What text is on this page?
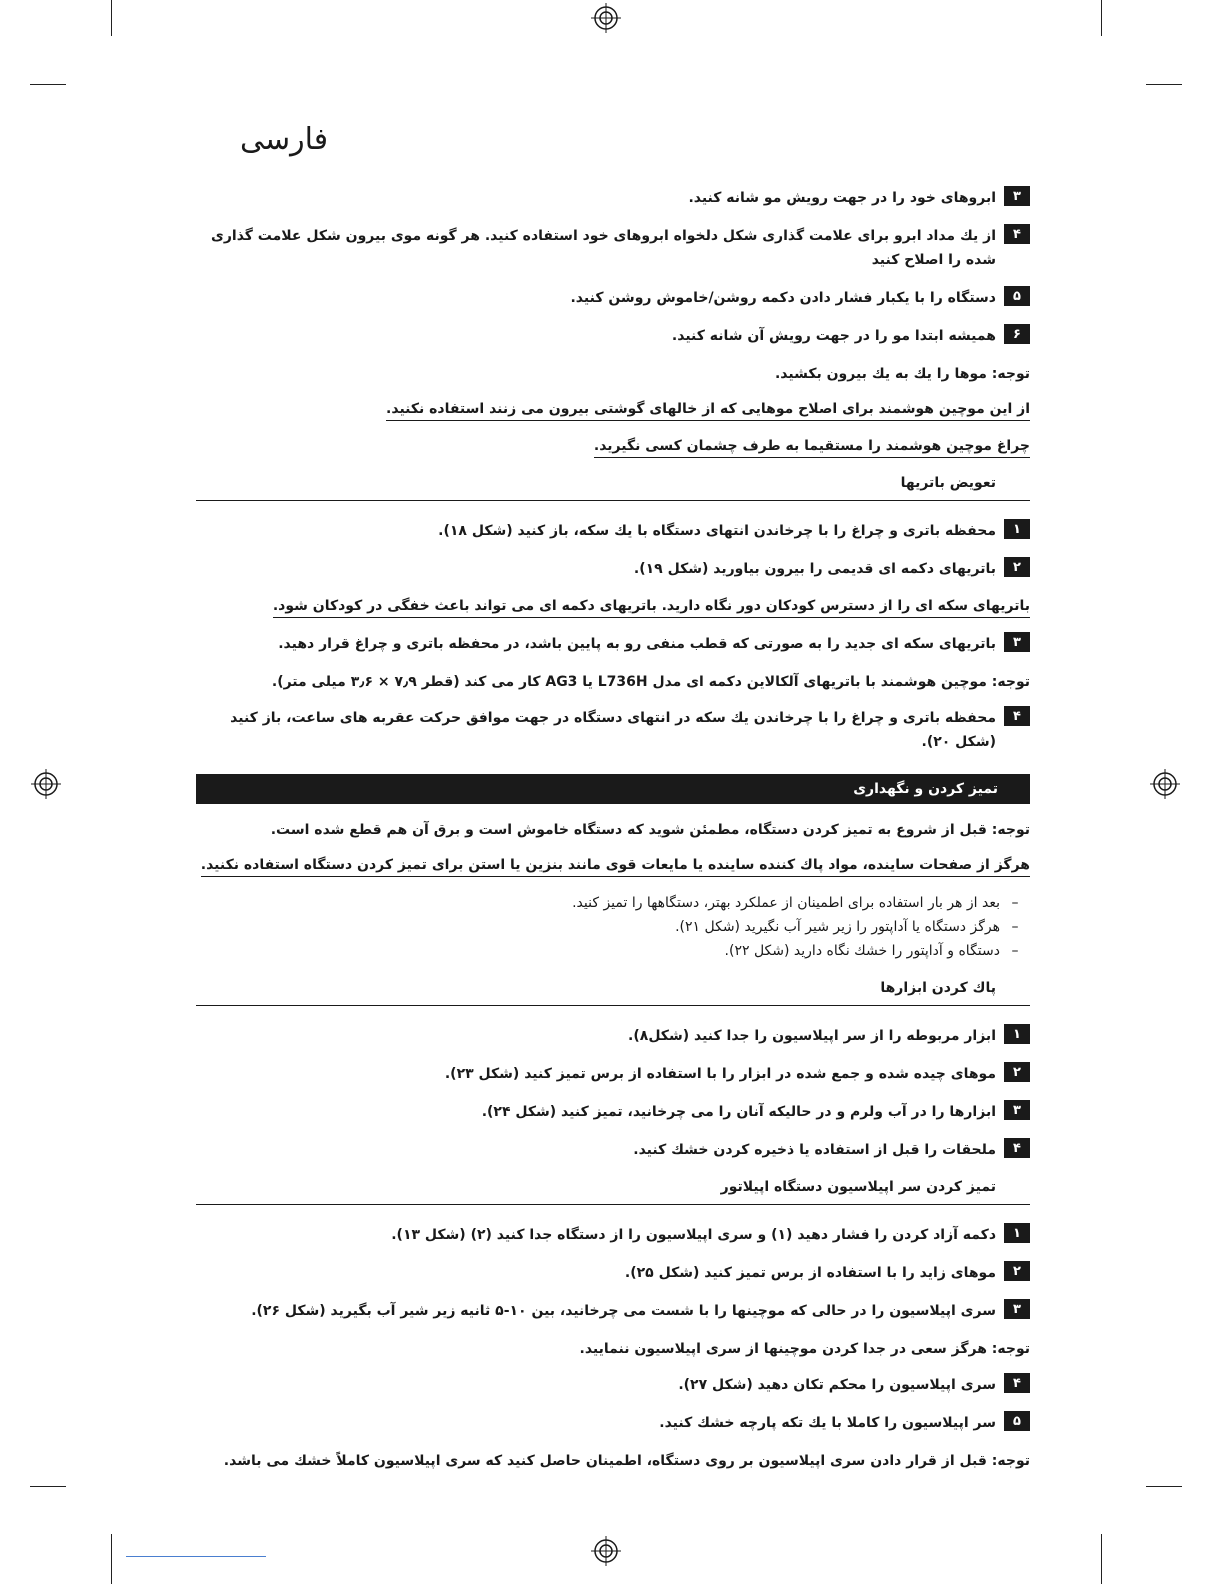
فارسی
۳
ابروهای خود را در جهت رویش مو شانه کنید.
۴
از یك مداد ابرو برای علامت گذاری شكل دلخواه ابروهای خود استفاده كنید. هر گونه موی بیرون شكل علامت گذاری شده را اصلاح كنید
۵
دستگاه را با یكبار فشار دادن دكمه روشن/خاموش روشن كنید.
۶
همیشه ابتدا مو را در جهت رویش آن شانه كنید.
توجه: موها را یك به یك بیرون بكشید.
از این موچین هوشمند برای اصلاح موهایی كه از خالهای گوشتی بیرون می زنند استفاده نكنید.
چراغ موچین هوشمند را مستقیما به طرف چشمان كسی نگیرید.
تعویض باتریها
۱
محفظه باتری و چراغ را با چرخاندن انتهای دستگاه با یك سكه، باز كنید (شكل ۱۸).
۲
باتریهای دكمه ای قدیمی را بیرون بیاورید (شكل ۱۹).
باتریهای سكه ای را از دسترس كودكان دور نگاه دارید. باتریهای دكمه ای می تواند باعث خفگی در كودكان شود.
۳
باتریهای سكه ای جدید را به صورتی كه قطب منفی رو به پایین باشد، در محفظه باتری و چراغ قرار دهید.
توجه: موچین هوشمند با باتریهای آلكالاین دكمه ای مدل L736H یا AG3 كار می كند (قطر ۷٫۹ × ۳٫۶ میلی متر).
۴
محفظه باتری و چراغ را با چرخاندن یك سكه در انتهای دستگاه در جهت موافق حركت عقربه های ساعت، باز كنید (شكل ۲۰).
تمیز كردن و نگهداری
توجه: قبل از شروع به تمیز كردن دستگاه، مطمئن شوید كه دستگاه خاموش است و برق آن هم قطع شده است.
هرگز از صفحات ساینده، مواد پاك كننده ساینده یا مایعات قوی مانند بنزین یا استن برای تمیز كردن دستگاه استفاده نكنید.
–
بعد از هر بار استفاده برای اطمینان از عملكرد بهتر، دستگاهها را تمیز كنید.
–
هرگز دستگاه یا آداپتور را زیر شیر آب نگیرید (شكل ۲۱).
–
دستگاه و آداپتور را خشك نگاه دارید (شكل ۲۲).
پاك كردن ابزارها
۱
ابزار مربوطه را از سر اپیلاسیون را جدا كنید (شكل۸).
۲
موهای چیده شده و جمع شده در ابزار را با استفاده از برس تمیز كنید (شكل ۲۳).
۳
ابزارها را در آب ولرم و در حالیكه آنان را می چرخانید، تمیز كنید (شكل ۲۴).
۴
ملحقات را قبل از استفاده یا ذخیره كردن خشك كنید.
تمیز كردن سر اپیلاسیون دستگاه اپیلاتور
۱
دكمه آزاد كردن را فشار دهید (۱) و سری اپیلاسیون را از دستگاه جدا كنید (۲) (شكل ۱۳).
۲
موهای زاید را با استفاده از برس تمیز كنید (شكل ۲۵).
۳
سری اپیلاسیون را در حالی كه موچینها را با شست می چرخانید، بین ۱۰-۵ ثانیه زیر شیر آب بگیرید (شكل ۲۶).
توجه: هرگز سعی در جدا كردن موچینها از سری اپیلاسیون ننمایید.
۴
سری اپیلاسیون را محكم تكان دهید (شكل ۲۷).
۵
سر اپیلاسیون را كاملا با یك تكه پارچه خشك كنید.
توجه: قبل از قرار دادن سری اپیلاسیون بر روی دستگاه، اطمینان حاصل كنید كه سری اپیلاسیون كاملاً خشك می باشد.
